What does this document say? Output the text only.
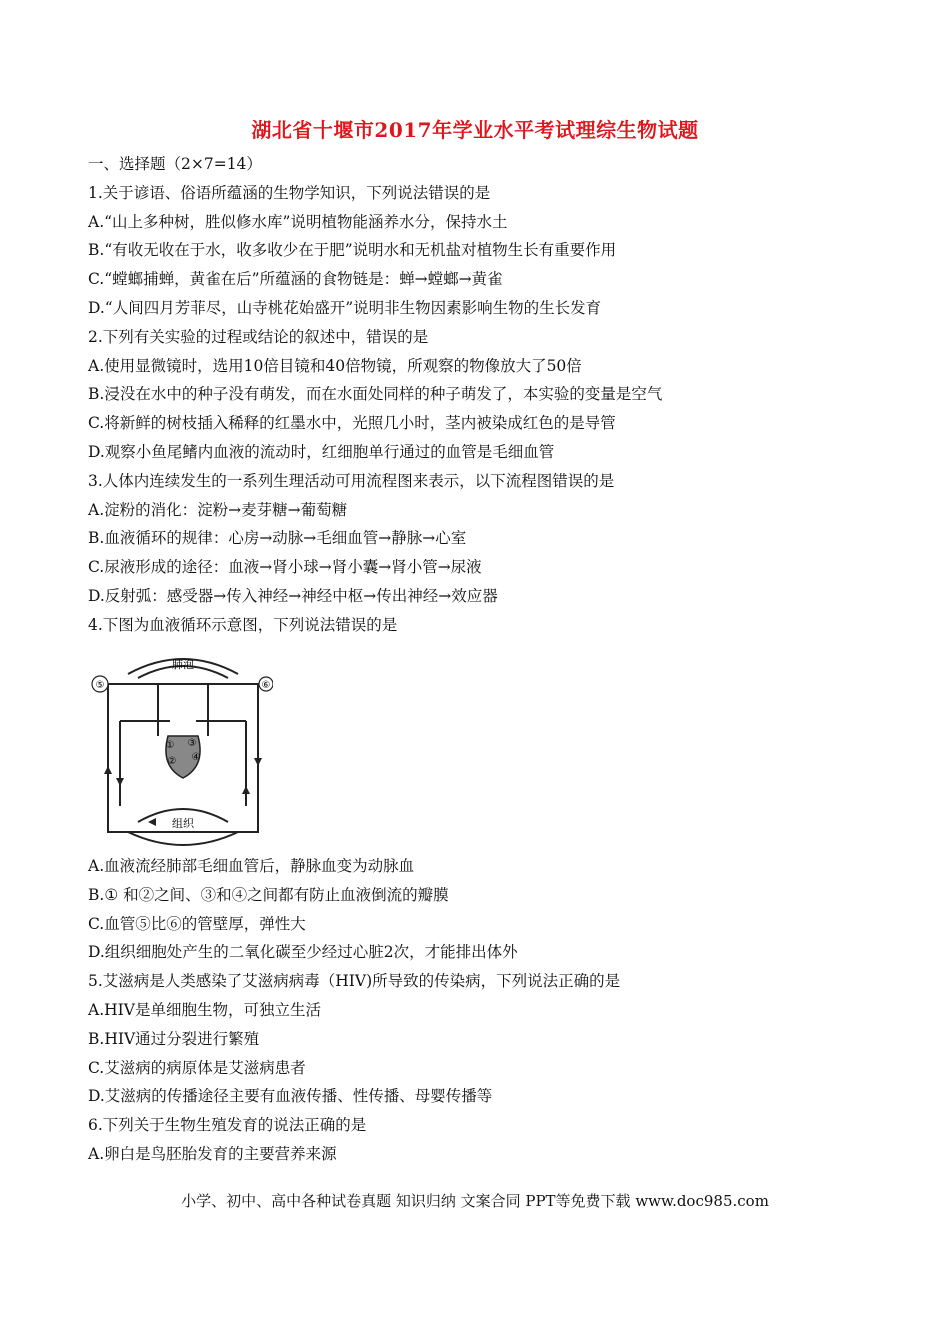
湖北省十堰市2017年学业水平考试理综生物试题
一、选择题（2×7=14）
1.关于谚语、俗语所蕴涵的生物学知识，下列说法错误的是
A.“山上多种树，胜似修水库”说明植物能涵养水分，保持水土
B.“有收无收在于水，收多收少在于肥”说明水和无机盐对植物生长有重要作用
C.“螳螂捕蝉，黄雀在后”所蕴涵的食物链是：蝉→螳螂→黄雀
D.“人间四月芳菲尽，山寺桃花始盛开”说明非生物因素影响生物的生长发育
2.下列有关实验的过程或结论的叙述中，错误的是
A.使用显微镜时，选用10倍目镜和40倍物镜，所观察的物像放大了50倍
B.浸没在水中的种子没有萌发，而在水面处同样的种子萌发了，本实验的变量是空气
C.将新鲜的树枝插入稀释的红墨水中，光照几小时，茎内被染成红色的是导管
D.观察小鱼尾鳍内血液的流动时，红细胞单行通过的血管是毛细血管
3.人体内连续发生的一系列生理活动可用流程图来表示，以下流程图错误的是
A.淀粉的消化：淀粉→麦芽糖→葡萄糖
B.血液循环的规律：心房→动脉→毛细血管→静脉→心室
C.尿液形成的途径：血液→肾小球→肾小囊→肾小管→尿液
D.反射弧：感受器→传入神经→神经中枢→传出神经→效应器
4.下图为血液循环示意图，下列说法错误的是
肺泡
组织
⑤	⑥
①
②
③
④
A.血液流经肺部毛细血管后，静脉血变为动脉血
B.① 和②之间、③和④之间都有防止血液倒流的瓣膜
C.血管⑤比⑥的管壁厚，弹性大
D.组织细胞处产生的二氧化碳至少经过心脏2次，才能排出体外
5.艾滋病是人类感染了艾滋病病毒（HIV)所导致的传染病，下列说法正确的是
A.HIV是单细胞生物，可独立生活
B.HIV通过分裂进行繁殖
C.艾滋病的病原体是艾滋病患者
D.艾滋病的传播途径主要有血液传播、性传播、母婴传播等
6.下列关于生物生殖发育的说法正确的是
A.卵白是鸟胚胎发育的主要营养来源
小学、初中、高中各种试卷真题 知识归纳 文案合同 PPT等免费下载 www.doc985.com
